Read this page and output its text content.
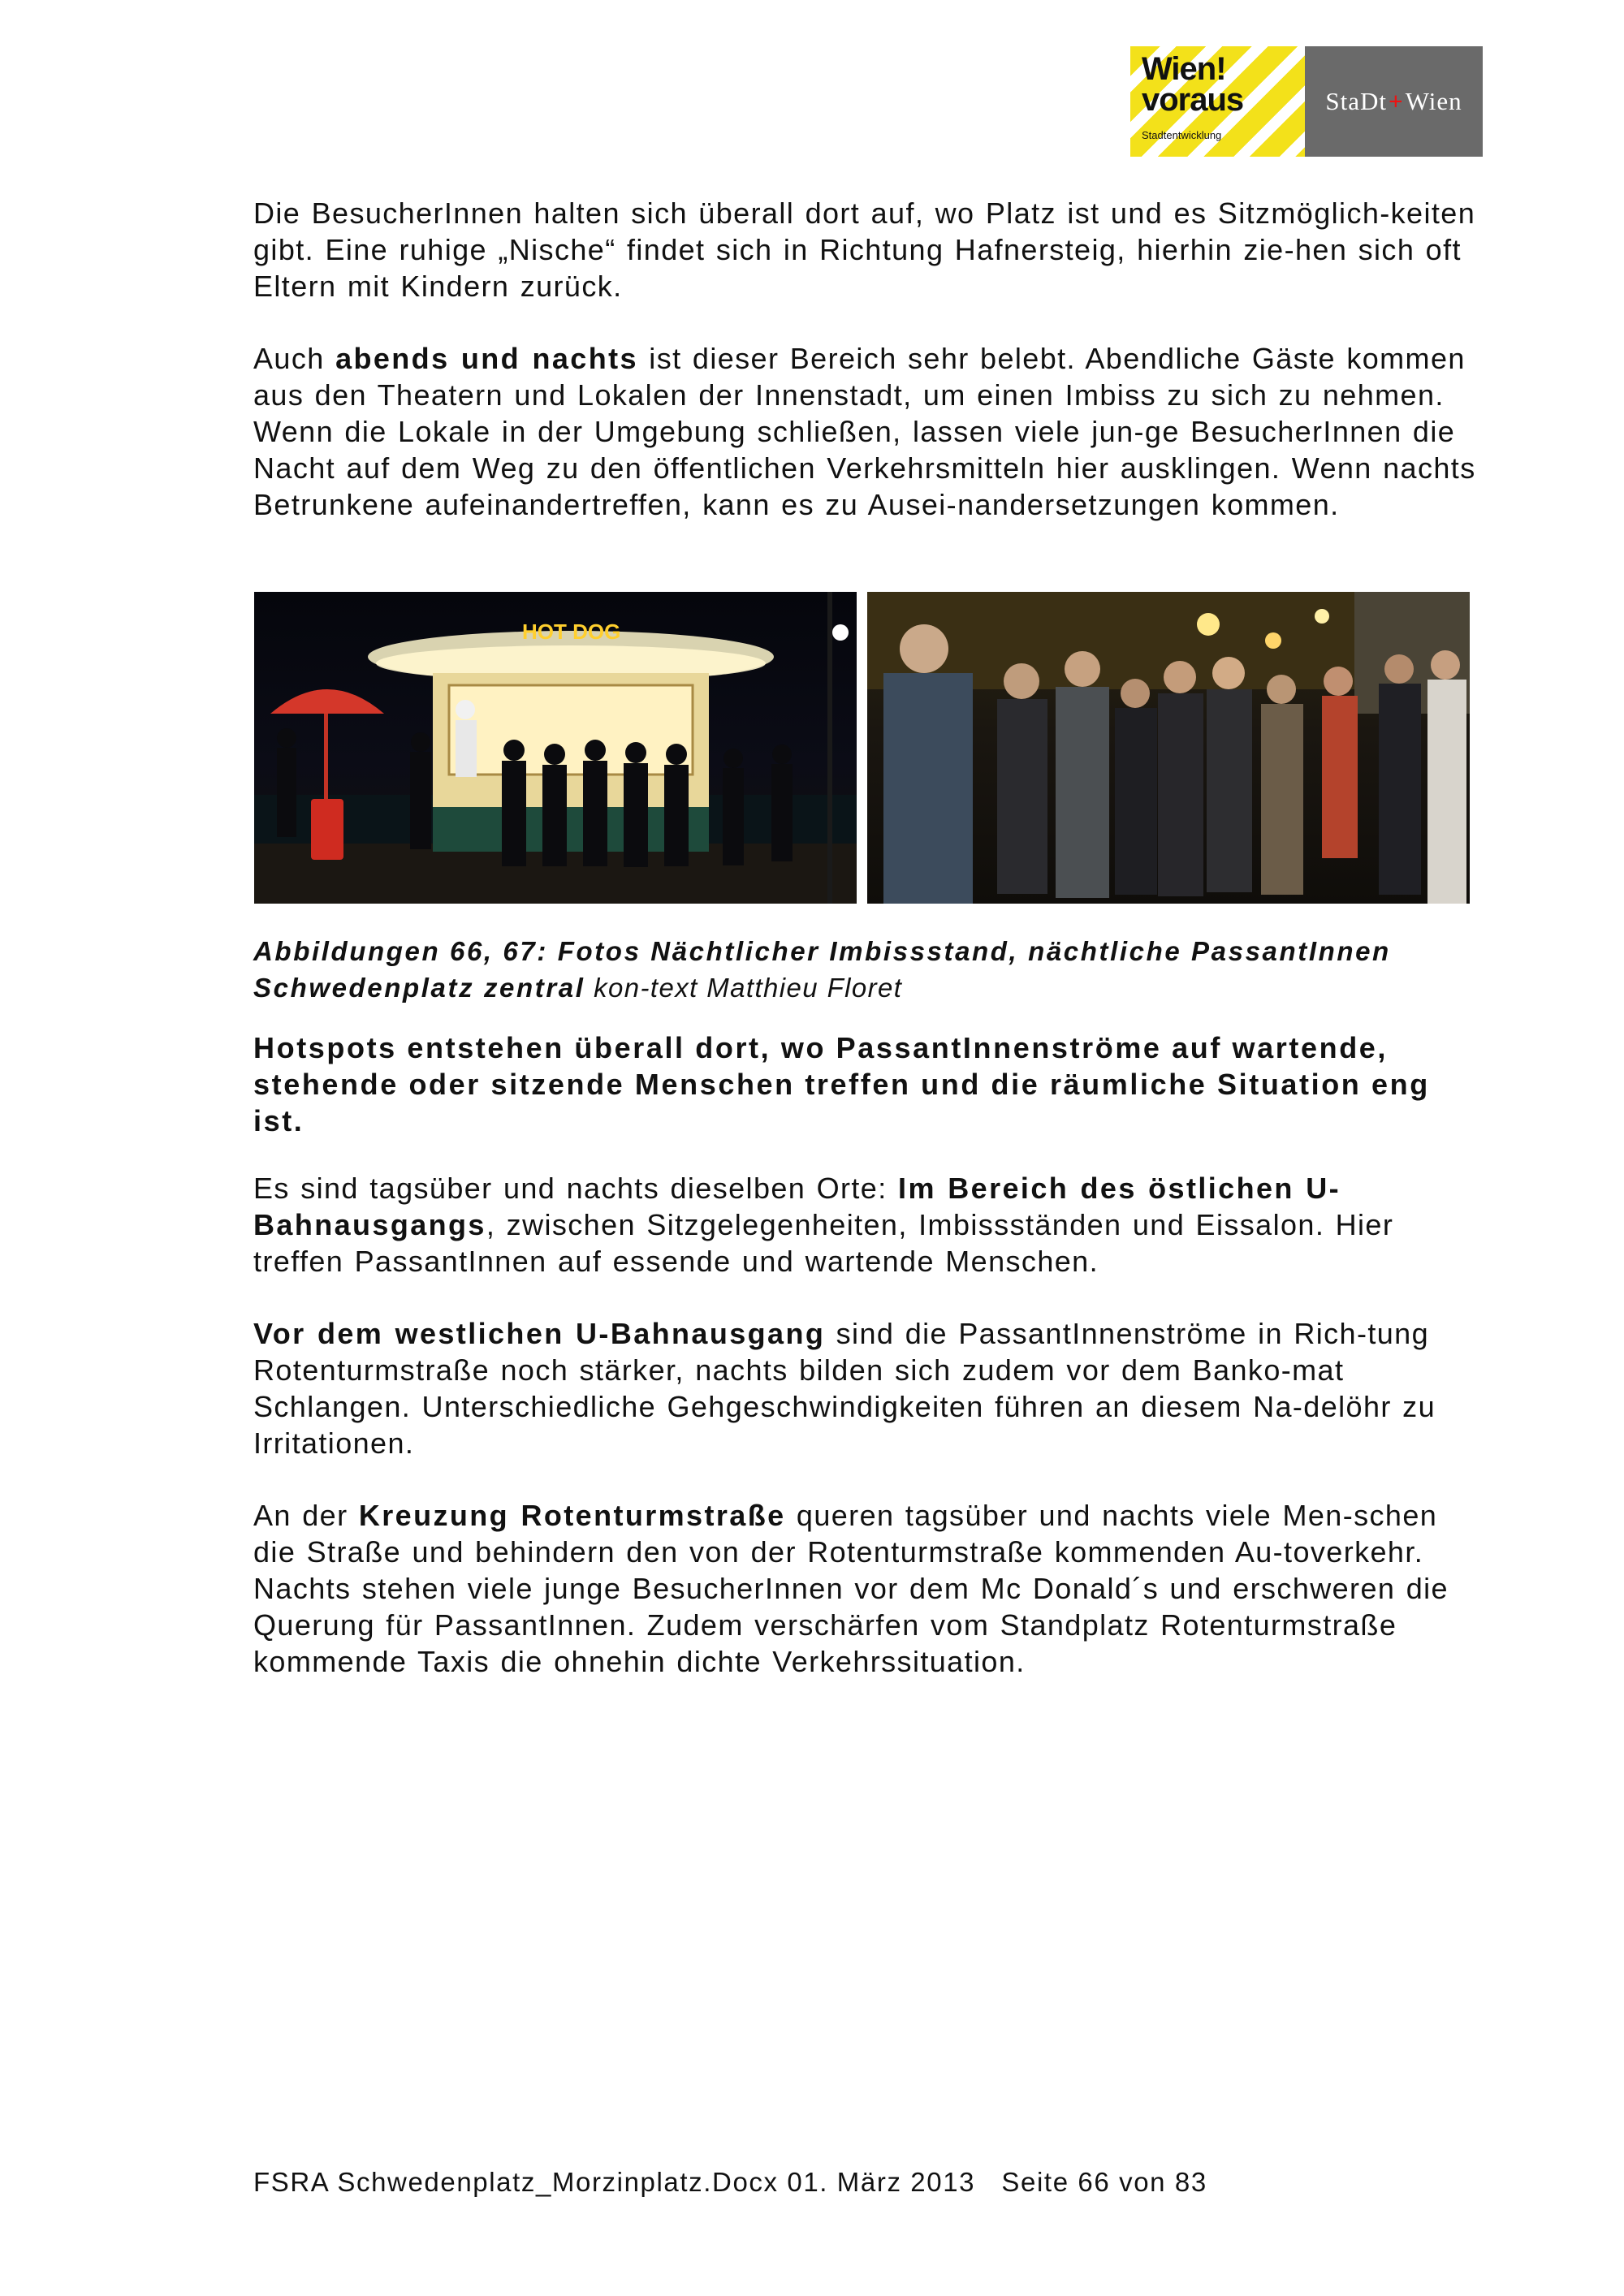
Wien!
voraus
Stadtentwicklung
StaDt + Wien

Die BesucherInnen halten sich überall dort auf, wo Platz ist und es Sitzmöglich-keiten gibt. Eine ruhige „Nische“ findet sich in Richtung Hafnersteig, hierhin zie-hen sich oft Eltern mit Kindern zurück.

Auch abends und nachts ist dieser Bereich sehr belebt. Abendliche Gäste kommen aus den Theatern und Lokalen der Innenstadt, um einen Imbiss zu sich zu nehmen. Wenn die Lokale in der Umgebung schließen, lassen viele jun-ge BesucherInnen die Nacht auf dem Weg zu den öffentlichen Verkehrsmitteln hier ausklingen. Wenn nachts Betrunkene aufeinandertreffen, kann es zu Ausei-nandersetzungen kommen.

HOT DOG
Abbildungen 66, 67: Fotos Nächtlicher Imbissstand, nächtliche PassantInnen Schwedenplatz zentral kon-text Matthieu Floret
Hotspots entstehen überall dort, wo PassantInnenströme auf wartende, stehende oder sitzende Menschen treffen und die räumliche Situation eng ist.

Es sind tagsüber und nachts dieselben Orte: Im Bereich des östlichen U-Bahnausgangs, zwischen Sitzgelegenheiten, Imbissständen und Eissalon. Hier treffen PassantInnen auf essende und wartende Menschen.

Vor dem westlichen U-Bahnausgang sind die PassantInnenströme in Rich-tung Rotenturmstraße noch stärker, nachts bilden sich zudem vor dem Banko-mat Schlangen. Unterschiedliche Gehgeschwindigkeiten führen an diesem Na-delöhr zu Irritationen.

An der Kreuzung Rotenturmstraße queren tagsüber und nachts viele Men-schen die Straße und behindern den von der Rotenturmstraße kommenden Au-toverkehr. Nachts stehen viele junge BesucherInnen vor dem Mc Donald´s und erschweren die Querung für PassantInnen. Zudem verschärfen vom Standplatz Rotenturmstraße kommende Taxis die ohnehin dichte Verkehrssituation.

FSRA Schwedenplatz_Morzinplatz.Docx 01. März 2013   Seite 66 von 83
